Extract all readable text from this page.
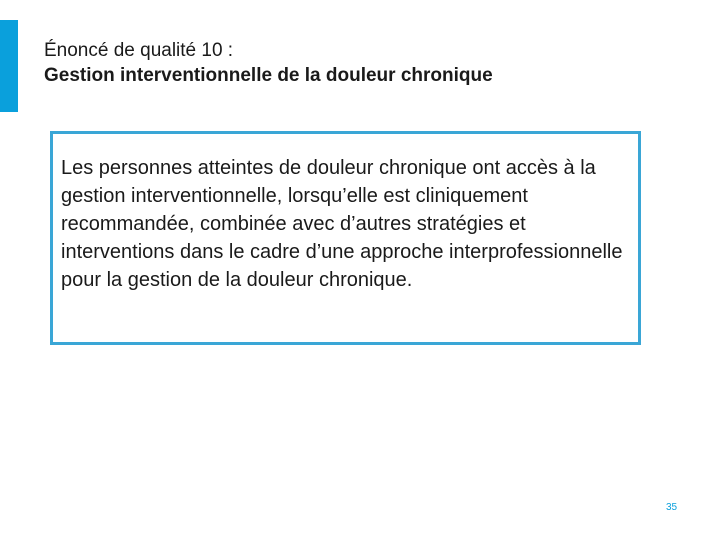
Énoncé de qualité 10 :

Gestion interventionnelle de la douleur chronique

Les personnes atteintes de douleur chronique ont accès à la gestion interventionnelle, lorsqu’elle est cliniquement recommandée, combinée avec d’autres stratégies et interventions dans le cadre d’une approche interprofessionnelle pour la gestion de la douleur chronique.

35
